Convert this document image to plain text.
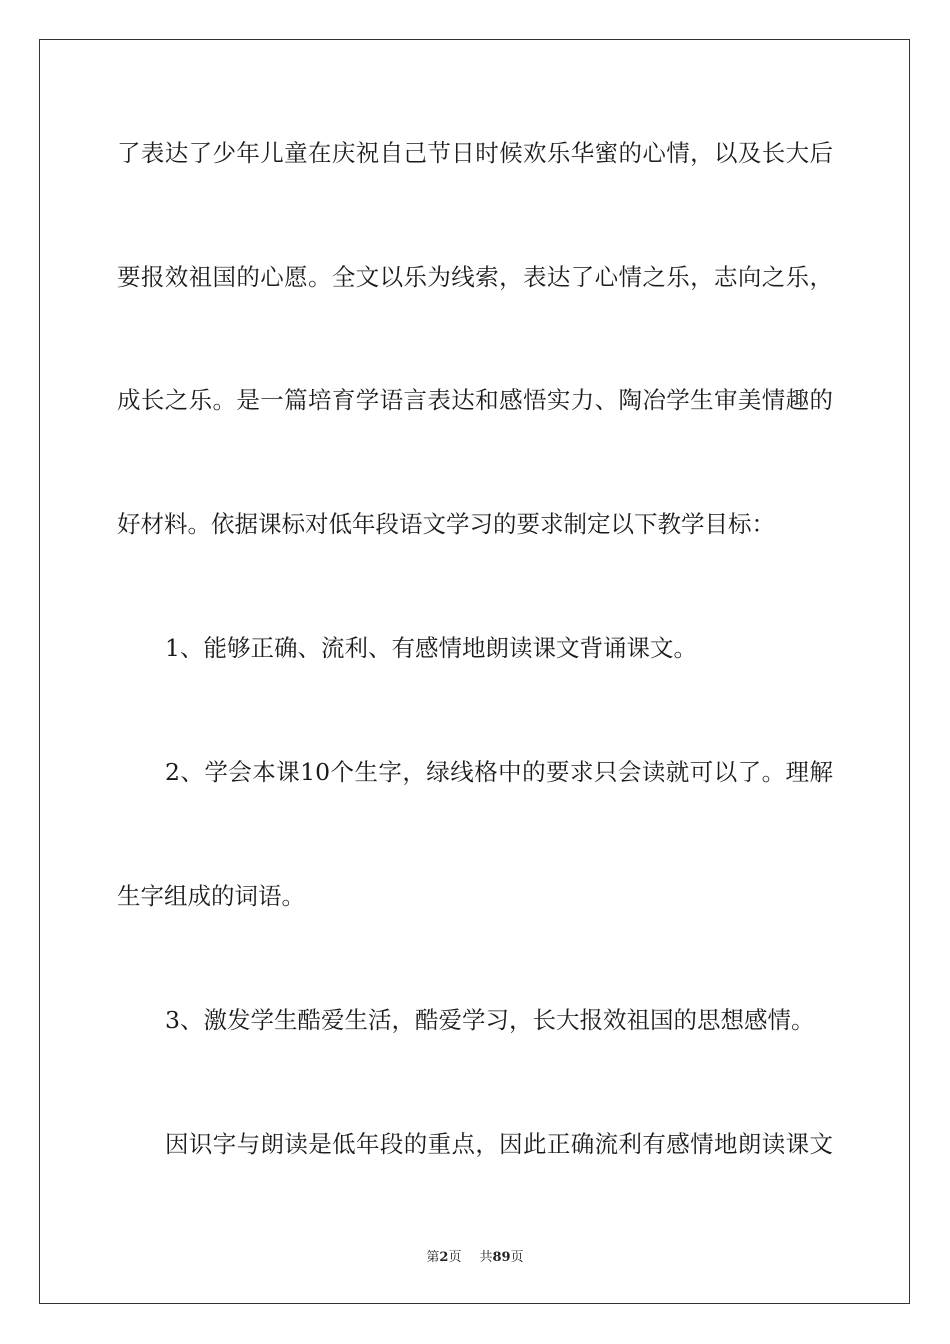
了表达了少年儿童在庆祝自己节日时候欢乐华蜜的心情，以及长大后
要报效祖国的心愿。全文以乐为线索，表达了心情之乐，志向之乐，
成长之乐。是一篇培育学语言表达和感悟实力、陶冶学生审美情趣的
好材料。依据课标对低年段语文学习的要求制定以下教学目标：
1、能够正确、流利、有感情地朗读课文背诵课文。
2、学会本课10个生字，绿线格中的要求只会读就可以了。理解
生字组成的词语。
3、激发学生酷爱生活，酷爱学习，长大报效祖国的思想感情。
因识字与朗读是低年段的重点，因此正确流利有感情地朗读课文
第2页 共89页
